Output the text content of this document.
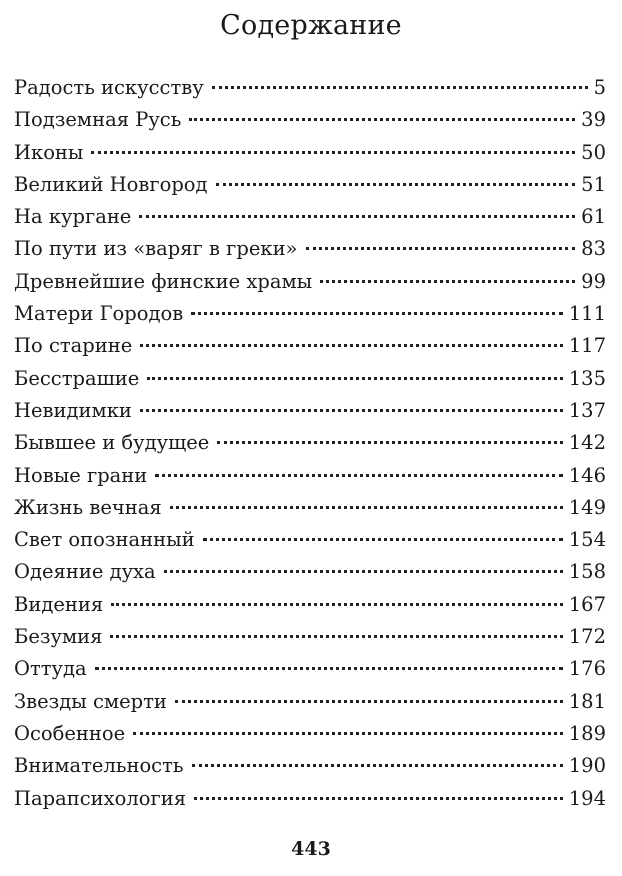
Содержание
Радость искусству	5
Подземная Русь	39
Иконы	50
Великий Новгород	51
На кургане	61
По пути из «варяг в греки»	83
Древнейшие финские храмы	99
Матери Городов	111
По старине	117
Бесстрашие	135
Невидимки	137
Бывшее и будущее	142
Новые грани	146
Жизнь вечная	149
Свет опознанный	154
Одеяние духа	158
Видения	167
Безумия	172
Оттуда	176
Звезды смерти	181
Особенное	189
Внимательность	190
Парапсихология	194
443
